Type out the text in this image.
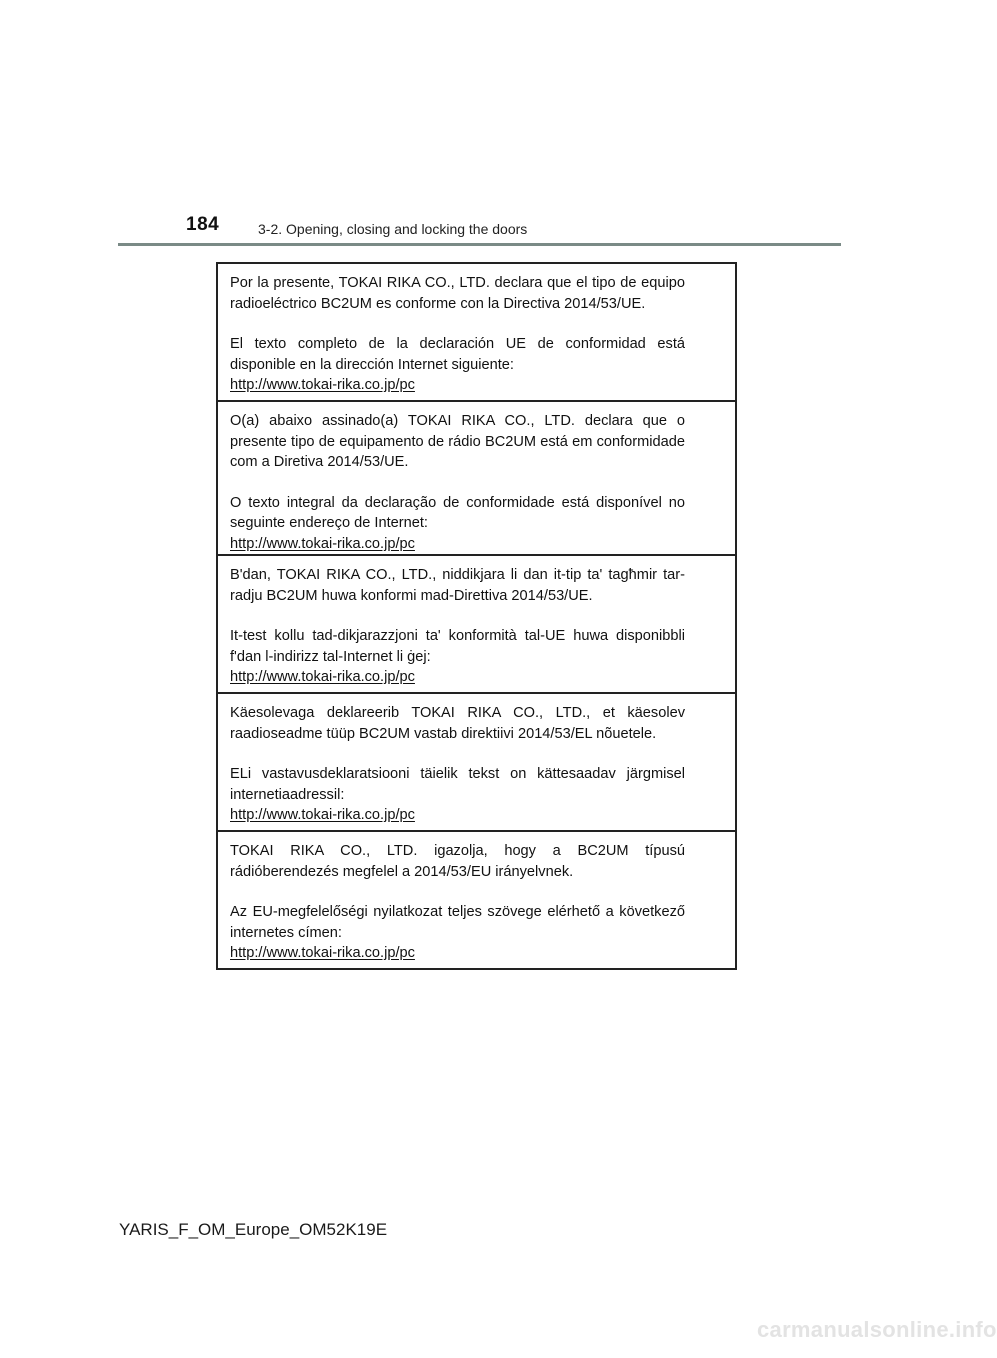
184	3-2. Opening, closing and locking the doors

Por la presente, TOKAI RIKA CO., LTD. declara que el tipo de equipo radioeléctrico BC2UM es conforme con la Directiva 2014/53/UE.

El texto completo de la declaración UE de conformidad está disponible en la dirección Internet siguiente:
http://www.tokai-rika.co.jp/pc

O(a) abaixo assinado(a) TOKAI RIKA CO., LTD. declara que o presente tipo de equipamento de rádio BC2UM está em conformidade com a Diretiva 2014/53/UE.

O texto integral da declaração de conformidade está disponível no seguinte endereço de Internet:
http://www.tokai-rika.co.jp/pc

B'dan, TOKAI RIKA CO., LTD., niddikjara li dan it-tip ta' tagħmir tar-radju BC2UM huwa konformi mad-Direttiva 2014/53/UE.

It-test kollu tad-dikjarazzjoni ta' konformità tal-UE huwa disponibbli f'dan l-indirizz tal-Internet li ġej:
http://www.tokai-rika.co.jp/pc

Käesolevaga deklareerib TOKAI RIKA CO., LTD., et käesolev raadioseadme tüüp BC2UM vastab direktiivi 2014/53/EL nõuetele.

ELi vastavusdeklaratsiooni täielik tekst on kättesaadav järgmisel internetiaadressil:
http://www.tokai-rika.co.jp/pc

TOKAI RIKA CO., LTD. igazolja, hogy a BC2UM típusú rádióberendezés megfelel a 2014/53/EU irányelvnek.

Az EU-megfelelőségi nyilatkozat teljes szövege elérhető a következő internetes címen:
http://www.tokai-rika.co.jp/pc

YARIS_F_OM_Europe_OM52K19E
carmanualsonline.info
